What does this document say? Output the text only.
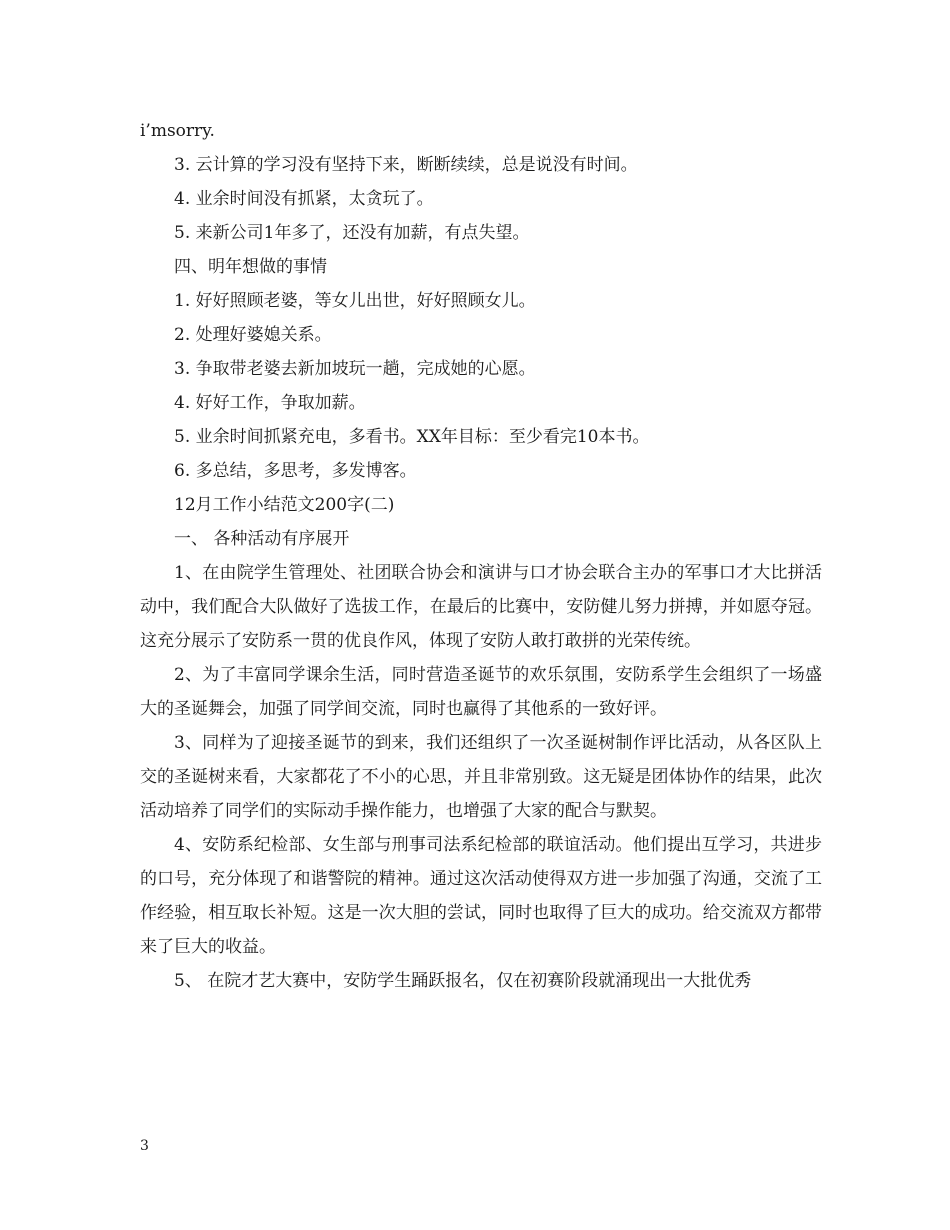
i’msorry.

3. 云计算的学习没有坚持下来，断断续续，总是说没有时间。

4. 业余时间没有抓紧，太贪玩了。

5. 来新公司1年多了，还没有加薪，有点失望。

四、明年想做的事情

1. 好好照顾老婆，等女儿出世，好好照顾女儿。

2. 处理好婆媳关系。

3. 争取带老婆去新加坡玩一趟，完成她的心愿。

4. 好好工作，争取加薪。

5. 业余时间抓紧充电，多看书。XX年目标：至少看完10本书。

6. 多总结，多思考，多发博客。

12月工作小结范文200字(二)

一、 各种活动有序展开

1、在由院学生管理处、社团联合协会和演讲与口才协会联合主办的军事口才大比拼活动中，我们配合大队做好了选拔工作，在最后的比赛中，安防健儿努力拼搏，并如愿夺冠。这充分展示了安防系一贯的优良作风，体现了安防人敢打敢拼的光荣传统。

2、为了丰富同学课余生活，同时营造圣诞节的欢乐氛围，安防系学生会组织了一场盛大的圣诞舞会，加强了同学间交流，同时也赢得了其他系的一致好评。

3、同样为了迎接圣诞节的到来，我们还组织了一次圣诞树制作评比活动，从各区队上交的圣诞树来看，大家都花了不小的心思，并且非常别致。这无疑是团体协作的结果，此次活动培养了同学们的实际动手操作能力，也增强了大家的配合与默契。

4、安防系纪检部、女生部与刑事司法系纪检部的联谊活动。他们提出互学习，共进步的口号，充分体现了和谐警院的精神。通过这次活动使得双方进一步加强了沟通，交流了工作经验，相互取长补短。这是一次大胆的尝试，同时也取得了巨大的成功。给交流双方都带来了巨大的收益。

5、 在院才艺大赛中，安防学生踊跃报名，仅在初赛阶段就涌现出一大批优秀

3
